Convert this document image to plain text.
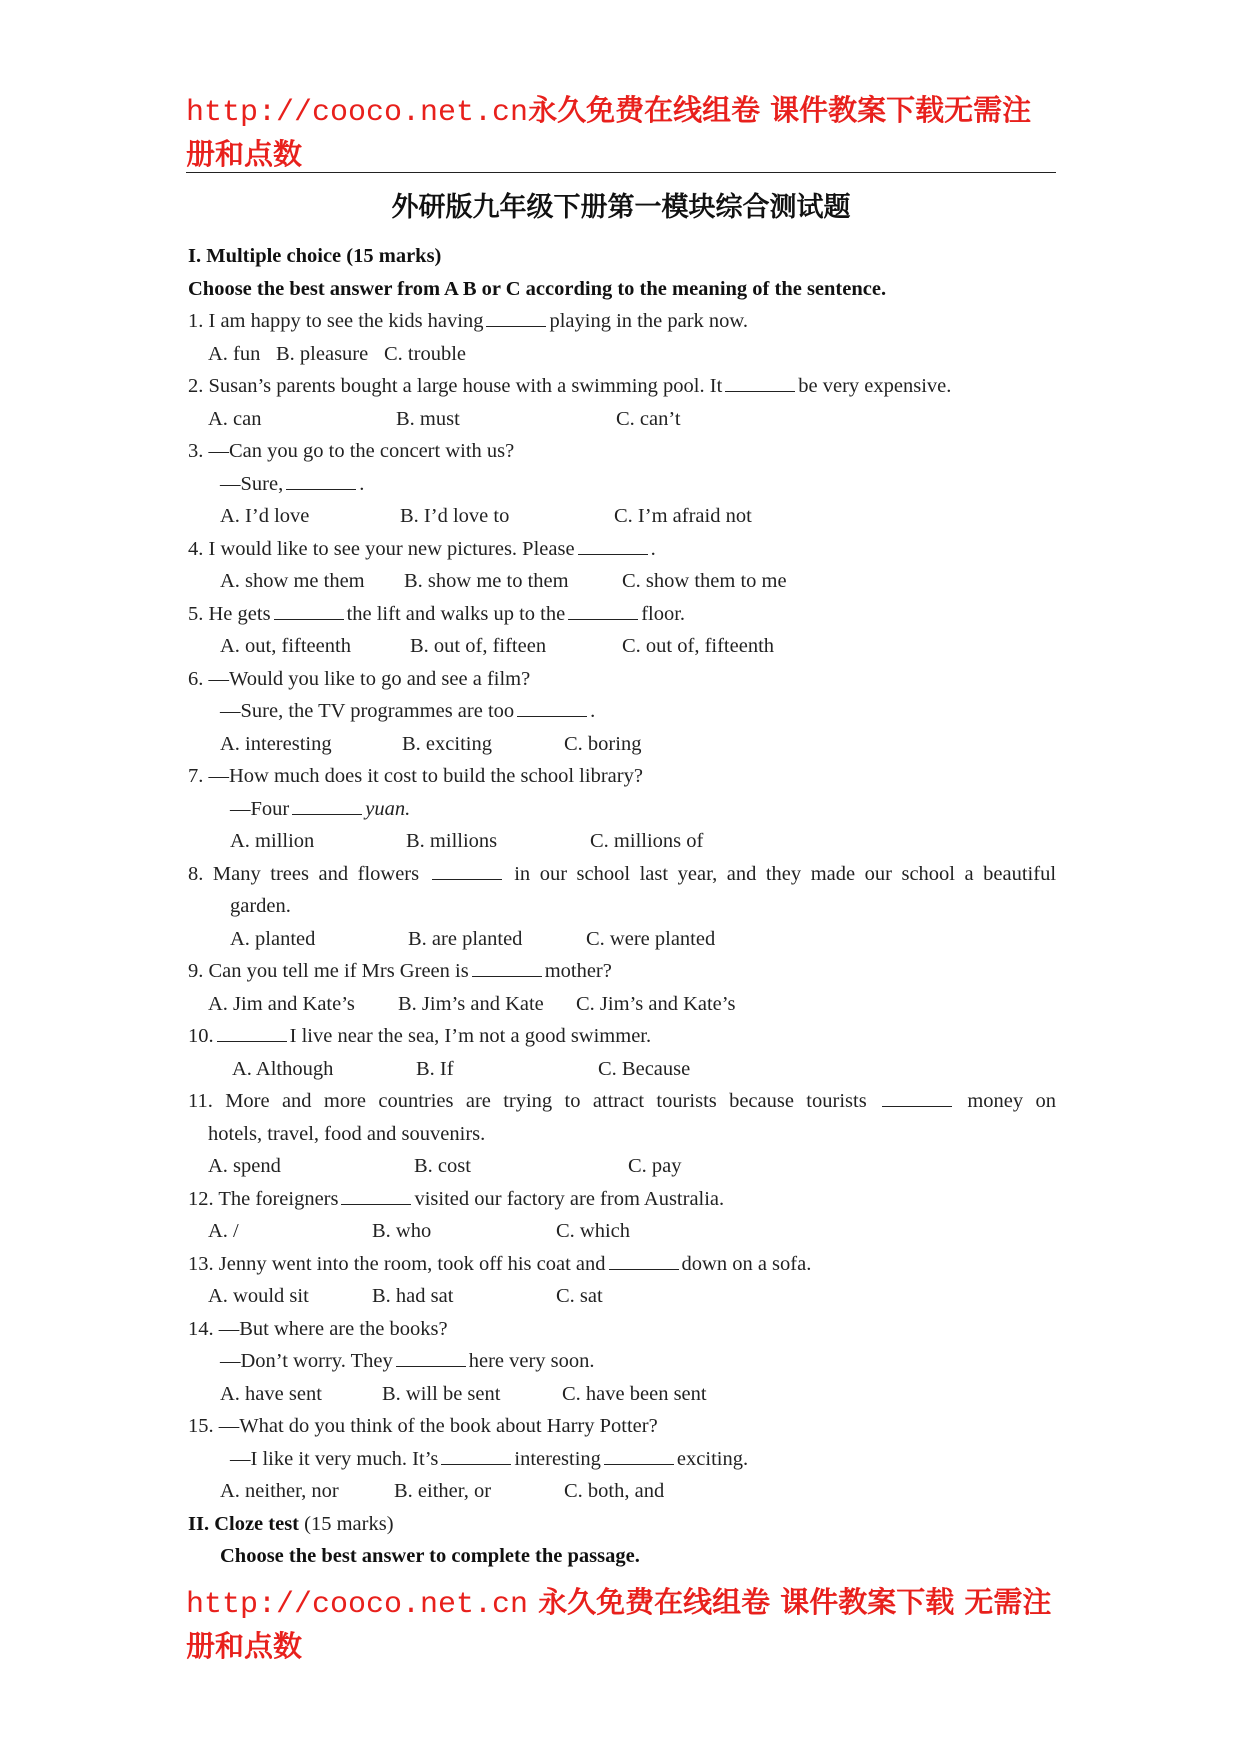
http://cooco.net.cn永久免费在线组卷 课件教案下载无需注
册和点数
外研版九年级下册第一模块综合测试题
I. Multiple choice (15 marks)
Choose the best answer from A B or C according to the meaning of the sentence.
1. I am happy to see the kids having	playing in the park now.
A. fun B. pleasure C. trouble
2. Susan’s parents bought a large house with a swimming pool. It	be very expensive.
A. can	B. must	C. can’t
3. —Can you go to the concert with us?
—Sure,	.
A. I’d love	B. I’d love to	C. I’m afraid not
4. I would like to see your new pictures. Please	.
A. show me them B. show me to them	C. show them to me
5. He gets	the lift and walks up to the	floor.
A. out, fifteenth	B. out of, fifteen	C. out of, fifteenth
6. —Would you like to go and see a film?
—Sure, the TV programmes are too	.
A. interesting	B. exciting	C. boring
7. —How much does it cost to build the school library?
—Four	yuan.
A. million	B. millions	C. millions of
8. Many trees and flowers	in our school last year, and they made our school a beautiful
garden.
A. planted	B. are planted	C. were planted
9. Can you tell me if Mrs Green is	mother?
A. Jim and Kate’s B. Jim’s and Kate C. Jim’s and Kate’s
10.	I live near the sea, I’m not a good swimmer.
A. Although	B. If	C. Because
11. More and more countries are trying to attract tourists because tourists	money on
hotels, travel, food and souvenirs.
A. spend	B. cost	C. pay
12. The foreigners	visited our factory are from Australia.
A. /	B. who	C. which
13. Jenny went into the room, took off his coat and	down on a sofa.
A. would sit	B. had sat	C. sat
14. —But where are the books?
—Don’t worry. They	here very soon.
A. have sent	B. will be sent	C. have been sent
15. —What do you think of the book about Harry Potter?
—I like it very much. It’s	interesting	exciting.
A. neither, nor	B. either, or	C. both, and
II. Cloze test (15 marks)
Choose the best answer to complete the passage.
http://cooco.net.cn 永久免费在线组卷 课件教案下载 无需注
册和点数
